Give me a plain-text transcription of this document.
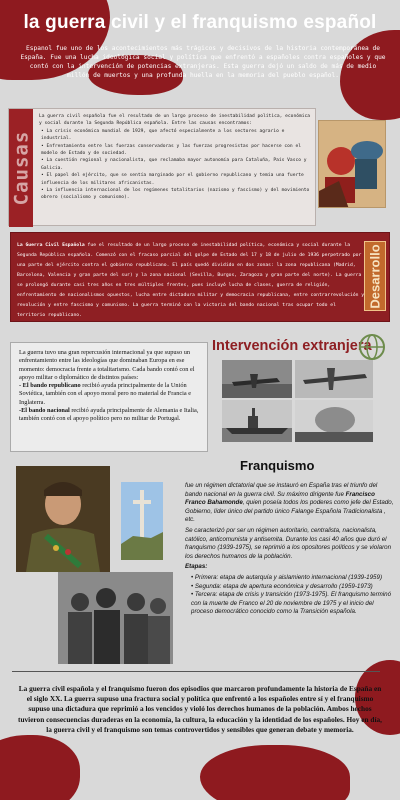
la guerra civil y el franquismo español

Espanol fue uno de los acontecimientos más trágicos y decisivos de la historia contemporánea de España. Fue una lucha ideológica social y política que enfrentó a españoles contra españoles y que contó con la intervención de potencias extranjeras. Esta guerra dejó un saldo de más de medio millón de muertos y una profunda huella en la memoria del pueblo español.

Causas

La guerra civil española fue el resultado de un largo proceso de inestabilidad política, económica y social durante la Segunda República española. Entre las causas encontramos:

• La crisis económica mundial de 1929, que afectó especialmente a los sectores agrario e industrial.
• Enfrentamiento entre las fuerzas conservadoras y las fuerzas progresistas por hacerse con el modelo de Estado y de sociedad.
• La cuestión regional y nacionalista, que reclamaba mayor autonomía para Cataluña, País Vasco y Galicia.
• El papel del ejército, que se sentía marginado por el gobierno republicano y temía una fuerte influencia de los militares africanistas.
• La influencia internacional de los regímenes totalitarios (nazismo y fascismo) y del movimiento obrero (socialismo y comunismo).

La Guerra Civil Española fue el resultado de un largo proceso de inestabilidad política, económica y social durante la Segunda República española. Comenzó con el fracaso parcial del golpe de Estado del 17 y 18 de julio de 1936 perpetrado por una parte del ejército contra el gobierno republicano. El país quedó dividido en dos zonas: la zona republicana (Madrid, Barcelona, Valencia y gran parte del sur) y la zona nacional (Sevilla, Burgos, Zaragoza y gran parte del norte). La guerra se prolongó durante casi tres años en tres múltiples frentes, pues incluyó lucha de clases, guerra de religión, enfrentamiento de nacionalismos opuestos, lucha entre dictadura militar y democracia republicana, entre contrarrevolución y revolución y entre fascismo y comunismo. La guerra terminó con la victoria del bando nacional tras ocupar todo el territorio republicano.

Desarrollo

La guerra tuvo una gran repercusión internacional ya que supuso un enfrentamiento entre las ideologías que dominaban Europa en ese momento: democracia frente a totalitarismo. Cada bando contó con el apoyo militar o diplomático de distintos países:

- El bando republicano recibió ayuda principalmente de la Unión Soviética, también con el apoyo moral pero no material de Francia e Inglaterra.

-El bando nacional recibió ayuda principalmente de Alemania e Italia, también contó con el apoyo político pero no militar de Portugal.

Intervención extranjera
Franquismo

fue un régimen dictatorial que se instauró en España tras el triunfo del bando nacional en la guerra civil. Su máximo dirigente fue Francisco Franco Bahamonde, quien poseía todos los poderes como jefe del Estado, Gobierno, líder único del partido único Falange Española Tradicionalista , etc.

Se caracterizó por ser un régimen autoritario, centralista, nacionalista, católico, anticomunista y antisemita. Durante los casi 40 años que duró el franquismo (1939-1975), se reprimió a los opositores políticos y se violaron los derechos humanos de la población.

Etapas:

• Primera: etapa de autarquía y aislamiento internacional (1939-1959)
• Segunda: etapa de apertura económica y desarrollo (1959-1973)
• Tercera: etapa de crisis y transición (1973-1975). El franquismo terminó con la muerte de Franco el 20 de noviembre de 1975 y el inicio del proceso democrático conocido como la Transición española.

La guerra civil española y el franquismo fueron dos episodios que marcaron profundamente la historia de España en el siglo XX. La guerra supuso una fractura social y política que enfrentó a los españoles entre sí y el franquismo supuso una dictadura que reprimió a los vencidos y violó los derechos humanos de la población. Ambos hechos tuvieron consecuencias duraderas en la economía, la cultura, la educación y la identidad de los españoles. Hoy en día, la guerra civil y el franquismo son temas controvertidos y sensibles que generan debate y memoria.
